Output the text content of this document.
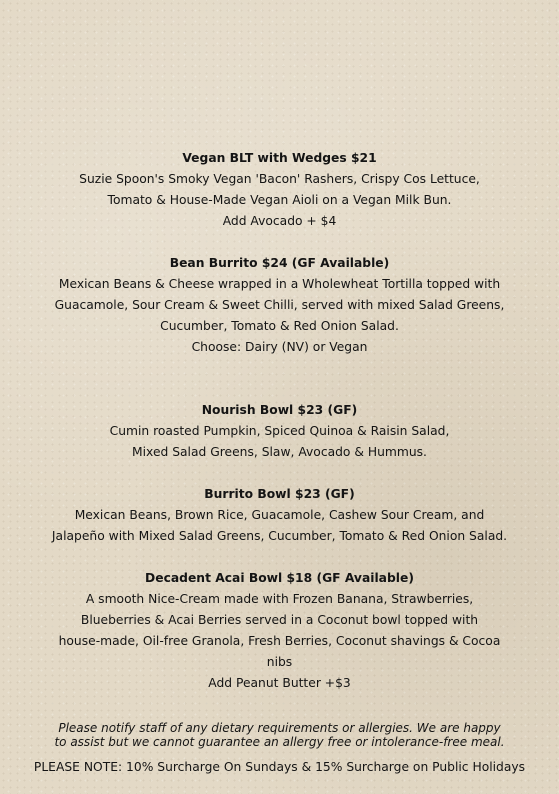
Vegan BLT with Wedges $21
Suzie Spoon's Smoky Vegan 'Bacon' Rashers, Crispy Cos Lettuce,
Tomato & House-Made Vegan Aioli on a Vegan Milk Bun.
Add Avocado + $4
Bean Burrito $24 (GF Available)
Mexican Beans & Cheese wrapped in a Wholewheat Tortilla topped with
Guacamole, Sour Cream & Sweet Chilli, served with mixed Salad Greens,
Cucumber, Tomato & Red Onion Salad.
Choose: Dairy (NV) or Vegan
Nourish Bowl $23 (GF)
Cumin roasted Pumpkin, Spiced Quinoa & Raisin Salad,
Mixed Salad Greens, Slaw, Avocado & Hummus.
Burrito Bowl $23 (GF)
Mexican Beans, Brown Rice, Guacamole, Cashew Sour Cream, and
Jalapeño with Mixed Salad Greens, Cucumber, Tomato & Red Onion Salad.
Decadent Acai Bowl $18 (GF Available)
A smooth Nice-Cream made with Frozen Banana, Strawberries,
Blueberries & Acai Berries served in a Coconut bowl topped with
house-made, Oil-free Granola, Fresh Berries, Coconut shavings & Cocoa
nibs
Add Peanut Butter +$3
Please notify staff of any dietary requirements or allergies. We are happy
to assist but we cannot guarantee an allergy free or intolerance-free meal.
PLEASE NOTE: 10% Surcharge On Sundays & 15% Surcharge on Public Holidays
